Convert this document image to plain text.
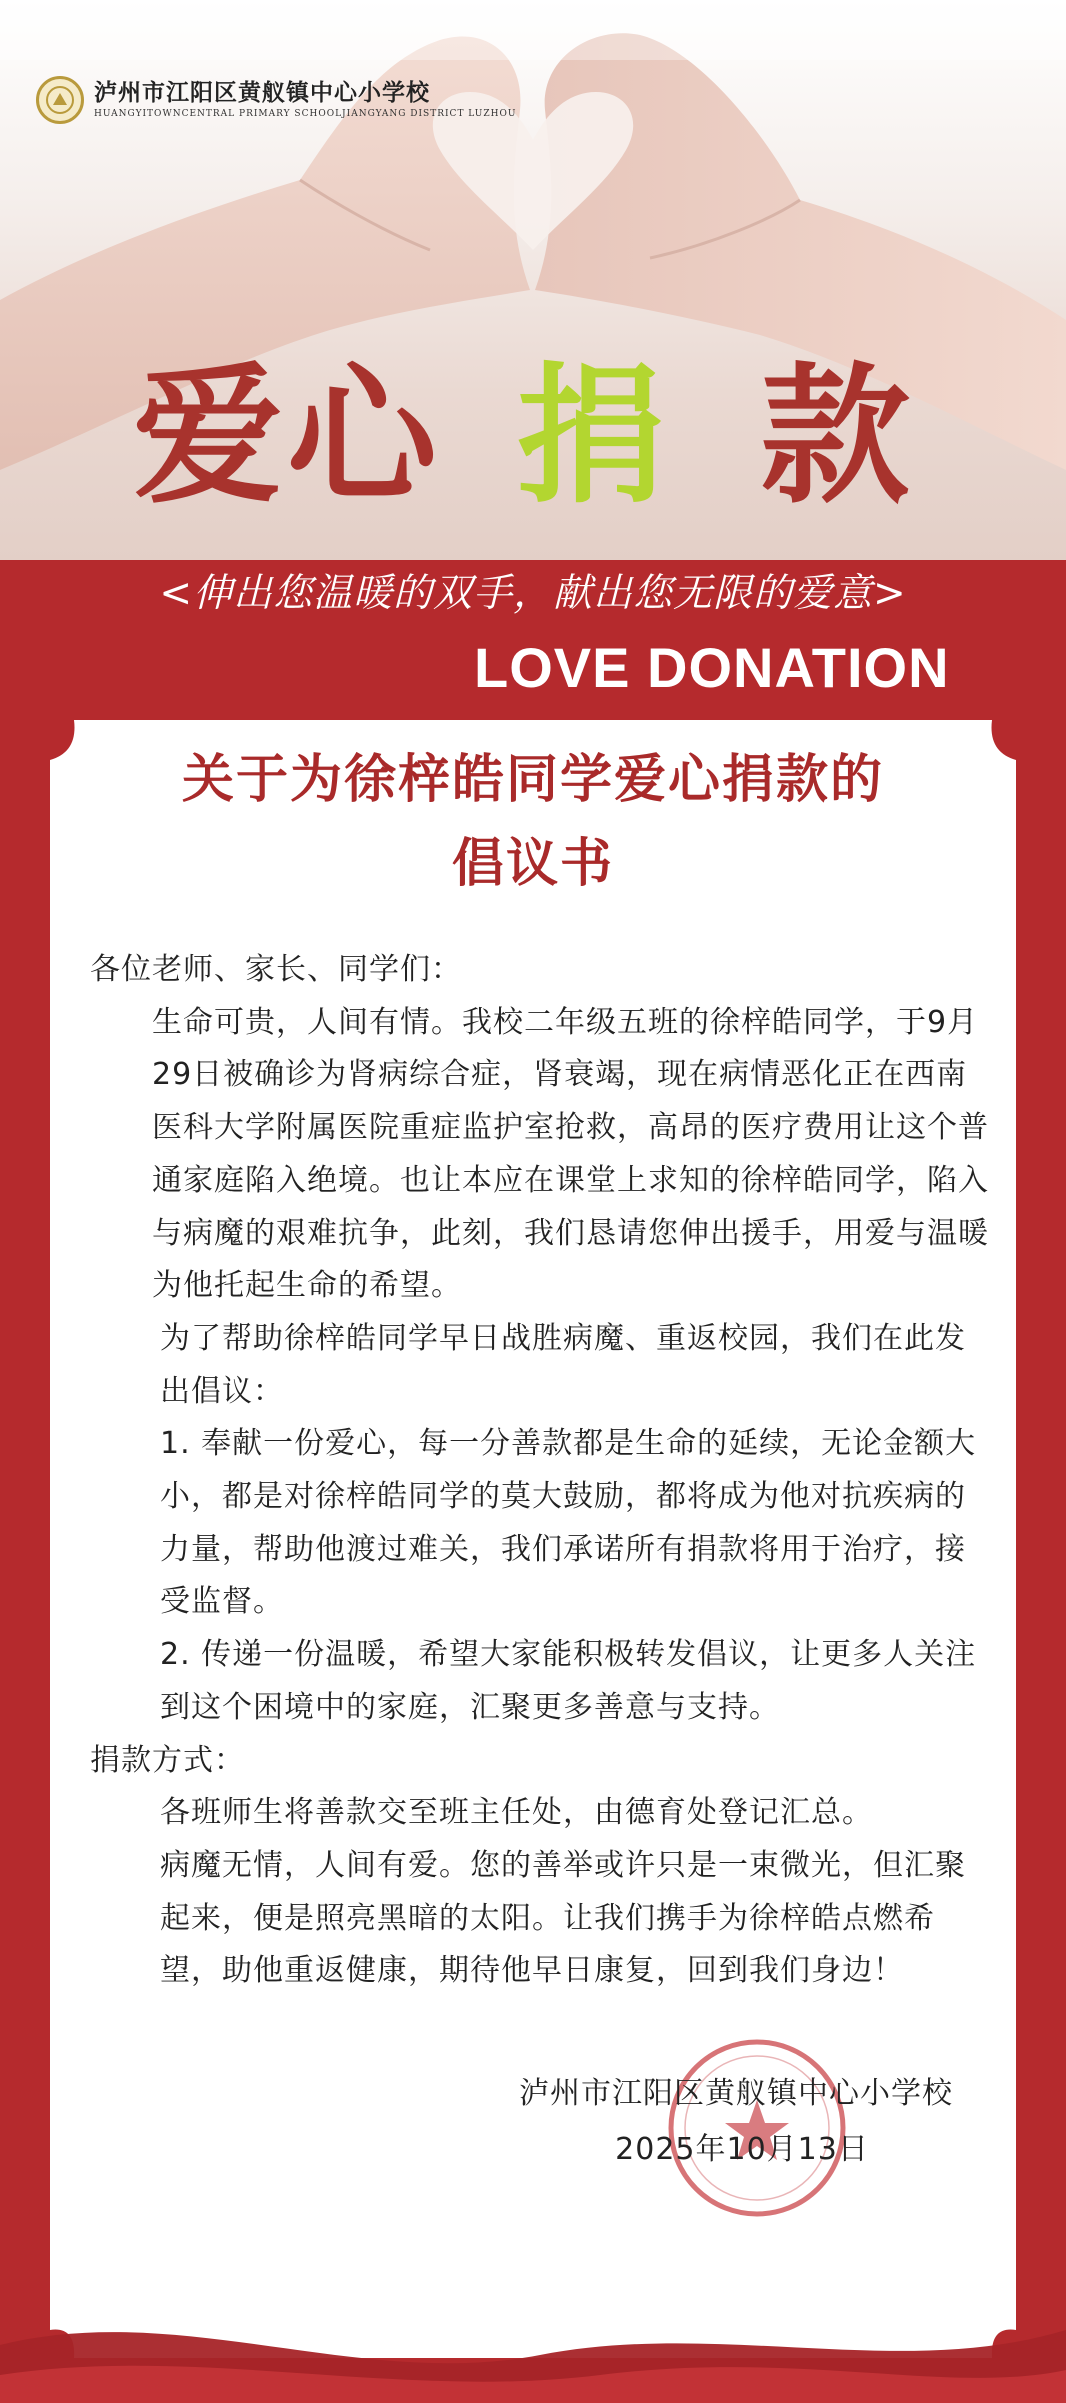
泸州市江阳区黄舣镇中心小学校
HUANGYITOWNCENTRAL PRIMARY SCHOOLJIANGYANG DISTRICT LUZHOU
爱心 捐 款
<伸出您温暖的双手，献出您无限的爱意>
LOVE DONATION
关于为徐梓皓同学爱心捐款的
倡议书

各位老师、家长、同学们：

生命可贵，人间有情。我校二年级五班的徐梓皓同学，于9月29日被确诊为肾病综合症，肾衰竭，现在病情恶化正在西南医科大学附属医院重症监护室抢救，高昂的医疗费用让这个普通家庭陷入绝境。也让本应在课堂上求知的徐梓皓同学，陷入与病魔的艰难抗争，此刻，我们恳请您伸出援手，用爱与温暖为他托起生命的希望。

为了帮助徐梓皓同学早日战胜病魔、重返校园，我们在此发出倡议：

1. 奉献一份爱心，每一分善款都是生命的延续，无论金额大小，都是对徐梓皓同学的莫大鼓励，都将成为他对抗疾病的力量，帮助他渡过难关，我们承诺所有捐款将用于治疗，接受监督。

2. 传递一份温暖，希望大家能积极转发倡议，让更多人关注到这个困境中的家庭，汇聚更多善意与支持。

捐款方式：

各班师生将善款交至班主任处，由德育处登记汇总。

病魔无情，人间有爱。您的善举或许只是一束微光，但汇聚起来，便是照亮黑暗的太阳。让我们携手为徐梓皓点燃希望，助他重返健康，期待他早日康复，回到我们身边！

泸州市江阳区黄舣镇中心小学校
2025年10月13日
